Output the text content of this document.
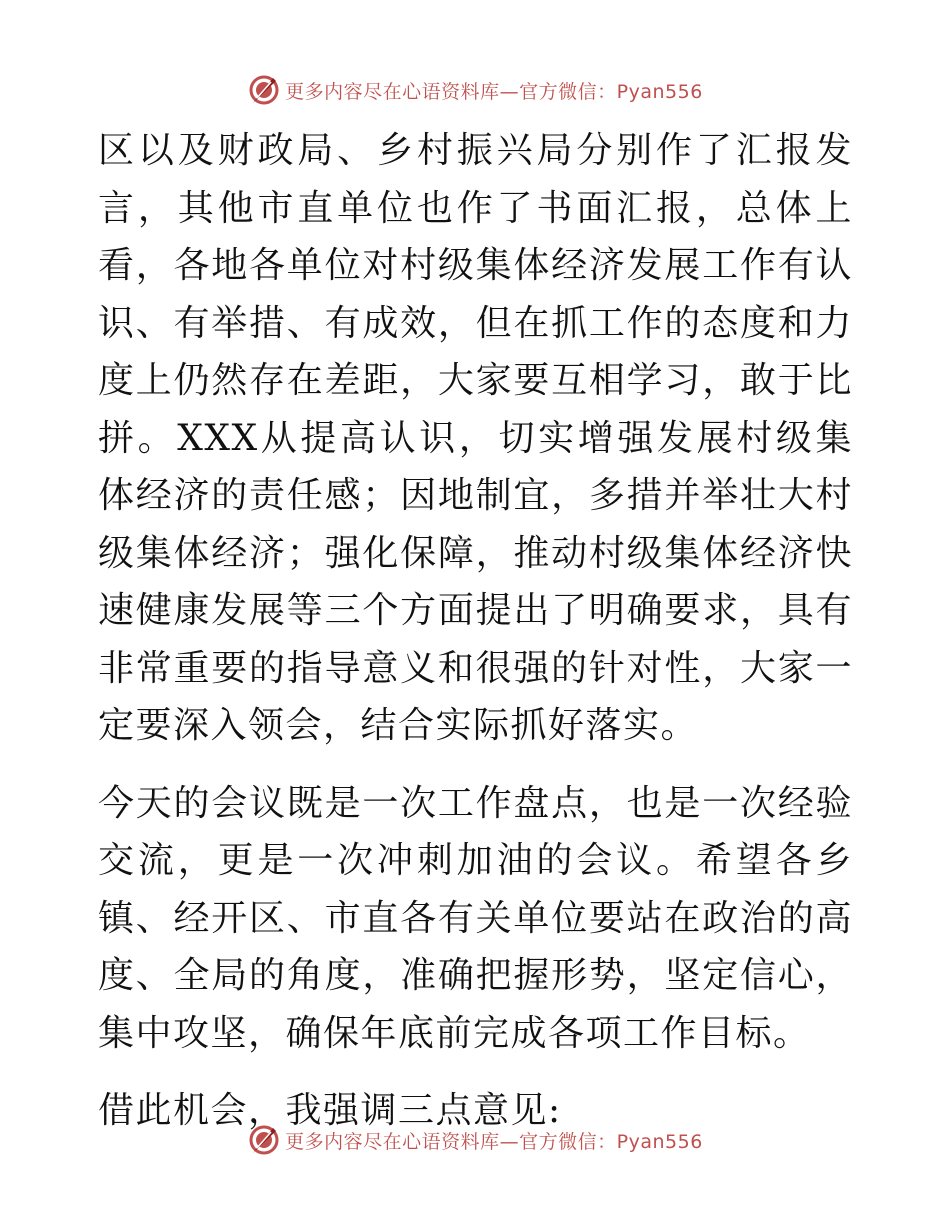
更多内容尽在心语资料库—官方微信：Pyan556

区以及财政局、乡村振兴局分别作了汇报发言，其他市直单位也作了书面汇报，总体上看，各地各单位对村级集体经济发展工作有认识、有举措、有成效，但在抓工作的态度和力度上仍然存在差距，大家要互相学习，敢于比拼。XXX从提高认识，切实增强发展村级集体经济的责任感；因地制宜，多措并举壮大村级集体经济；强化保障，推动村级集体经济快速健康发展等三个方面提出了明确要求，具有非常重要的指导意义和很强的针对性，大家一定要深入领会，结合实际抓好落实。

今天的会议既是一次工作盘点，也是一次经验交流，更是一次冲刺加油的会议。希望各乡镇、经开区、市直各有关单位要站在政治的高度、全局的角度，准确把握形势，坚定信心，集中攻坚，确保年底前完成各项工作目标。

借此机会，我强调三点意见:

更多内容尽在心语资料库—官方微信：Pyan556
